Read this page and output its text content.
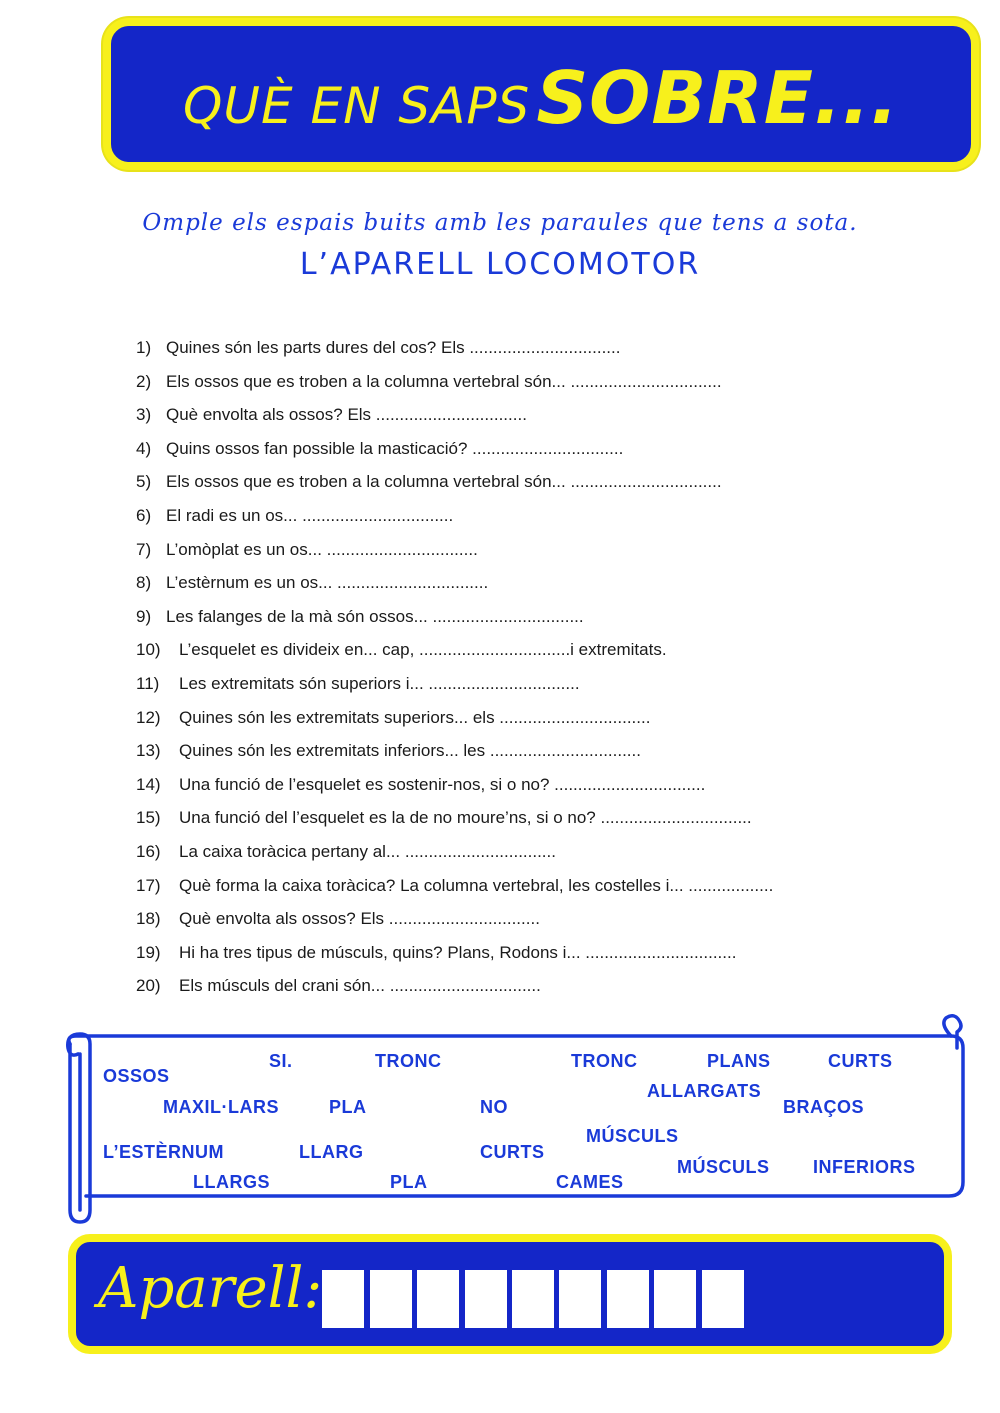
QUÈ EN SAPS SOBRE...
Omple els espais buits amb les paraules que tens a sota.
L’APARELL LOCOMOTOR
1) Quines són les parts dures del cos? Els ................................
2) Els ossos que es troben a la columna vertebral són... ................................
3) Què envolta als ossos? Els ................................
4) Quins ossos fan possible la masticació? ................................
5) Els ossos que es troben a la columna vertebral són... ................................
6) El radi es un os... ................................
7) L’omòplat es un os... ................................
8) L’estèrnum es un os... ................................
9) Les falanges de la mà són ossos... ................................
10) L’esquelet es divideix en... cap, ................................i extremitats.
11) Les extremitats són superiors i... ................................
12) Quines són les extremitats superiors... els ................................
13) Quines són les extremitats inferiors... les ................................
14) Una funció de l’esquelet es sostenir-nos, si o no? ................................
15) Una funció del l’esquelet es la de no moure’ns, si o no? ................................
16) La caixa toràcica pertany al... ................................
17) Què forma la caixa toràcica? La columna vertebral, les costelles i... ..................
18) Què envolta als ossos? Els ................................
19) Hi ha tres tipus de músculs, quins? Plans, Rodons i... ................................
20) Els músculs del crani són... ................................
OSSOS
SI.	TRONC	TRONC	PLANS	CURTS
ALLARGATS
MAXIL·LARS	PLA	NO	BRAÇOS
MÚSCULS
L’ESTÈRNUM	LLARG	CURTS
MÚSCULS INFERIORS
LLARGS	PLA	CAMES
Aparell:
